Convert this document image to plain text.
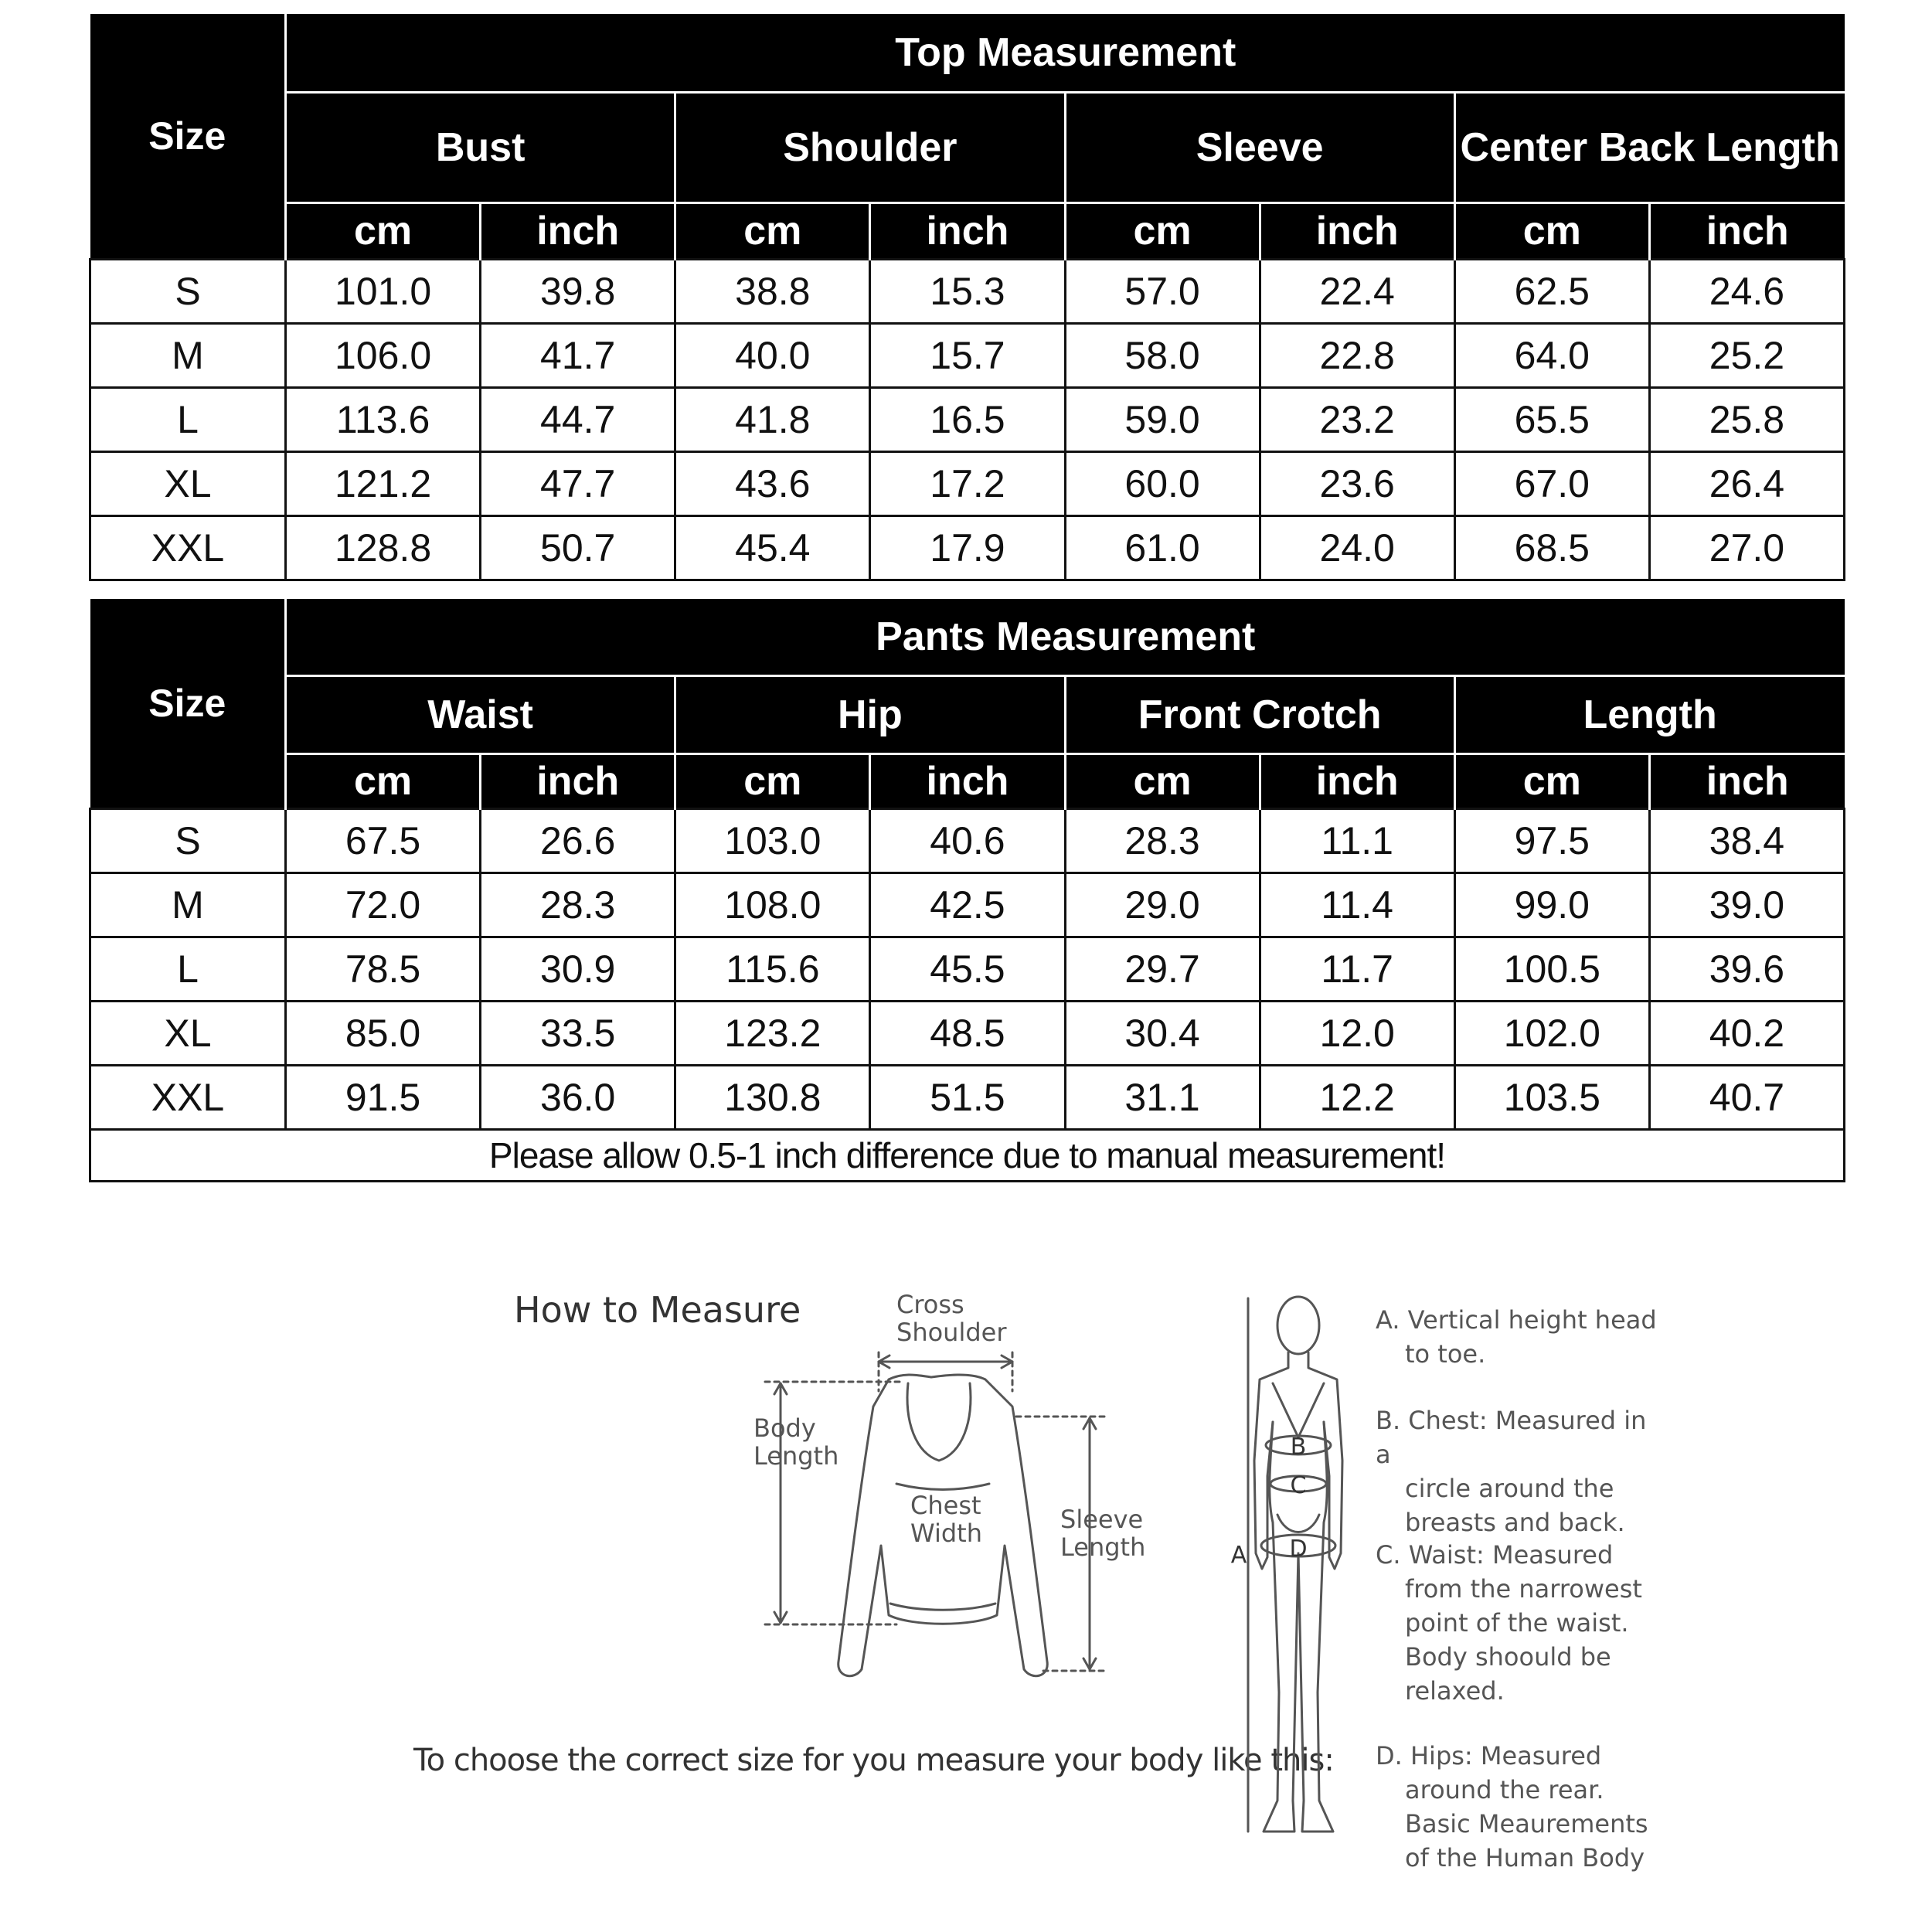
Size	Top Measurement							
	Bust		Shoulder		Sleeve		Center Back Length	
	cm	inch	cm	inch	cm	inch	cm	inch
S	101.0	39.8	38.8	15.3	57.0	22.4	62.5	24.6
M	106.0	41.7	40.0	15.7	58.0	22.8	64.0	25.2
L	113.6	44.7	41.8	16.5	59.0	23.2	65.5	25.8
XL	121.2	47.7	43.6	17.2	60.0	23.6	67.0	26.4
XXL	128.8	50.7	45.4	17.9	61.0	24.0	68.5	27.0
Size	Pants Measurement							
	Waist		Hip		Front Crotch		Length	
	cm	inch	cm	inch	cm	inch	cm	inch
S	67.5	26.6	103.0	40.6	28.3	11.1	97.5	38.4
M	72.0	28.3	108.0	42.5	29.0	11.4	99.0	39.0
L	78.5	30.9	115.6	45.5	29.7	11.7	100.5	39.6
XL	85.0	33.5	123.2	48.5	30.4	12.0	102.0	40.2
XXL	91.5	36.0	130.8	51.5	31.1	12.2	103.5	40.7
Please allow 0.5-1 inch difference due to manual measurement!								
How to Measure	Cross
Shoulder
Body
Length
Chest
Width	Sleeve
Length
To choose the correct size for you measure your body like this:
B
C
D
A
A. Vertical height head
to toe.
B. Chest: Measured in a
circle around the
breasts and back.
C. Waist: Measured
from the narrowest
point of the waist.
Body shoould be
relaxed.
D. Hips: Measured
around the rear.
Basic Meaurements
of the Human Body
